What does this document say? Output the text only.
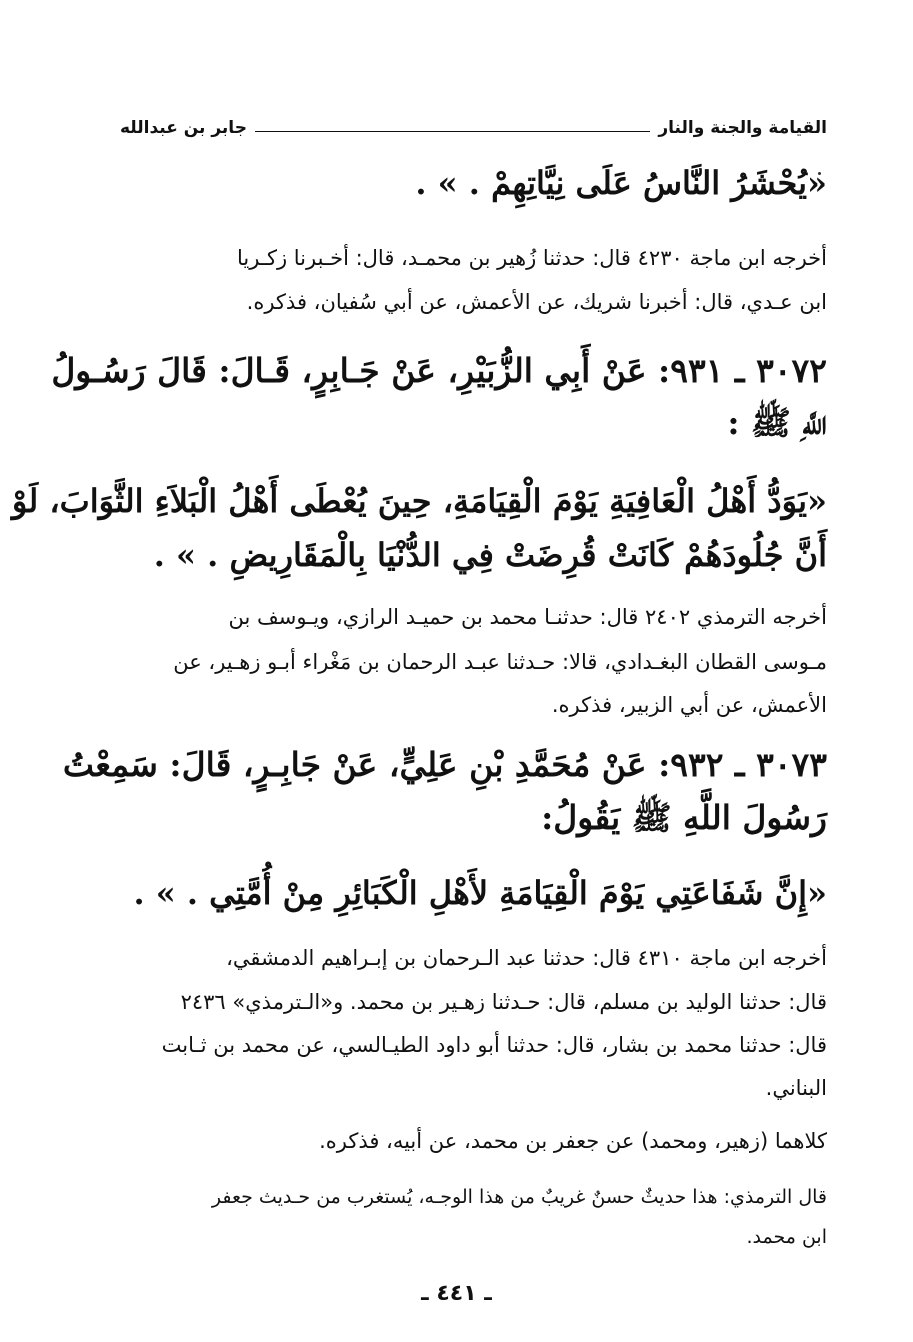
القيامة والجنة والنار
جابر بن عبدالله
«يُحْشَرُ النَّاسُ عَلَى نِيَّاتِهِمْ . » .
أخرجه ابن ماجة ٤٢٣٠ قال: حدثنا زُهير بن محمـد، قال: أخـبرنا زكـريا
ابن عـدي، قال: أخبرنا شريك، عن الأعمش، عن أبي سُفيان، فذكره.
٣٠٧٢ ـ ٩٣١: عَنْ أَبِي الزُّبَيْرِ، عَنْ جَـابِرٍ، قَـالَ: قَالَ رَسُـولُ
اللَّهِ ﷺ :
«يَوَدُّ أَهْلُ الْعَافِيَةِ يَوْمَ الْقِيَامَةِ، حِينَ يُعْطَى أَهْلُ الْبَلاَءِ الثَّوَابَ، لَوْ
أَنَّ جُلُودَهُمْ كَانَتْ قُرِضَتْ فِي الدُّنْيَا بِالْمَقَارِيضِ . » .
أخرجه الترمذي ٢٤٠٢ قال: حدثنـا محمد بن حميـد الرازي، ويـوسف بن
مـوسى القطان البغـدادي، قالا: حـدثنا عبـد الرحمان بن مَغْراء أبـو زهـير، عن
الأعمش، عن أبي الزبير، فذكره.
٣٠٧٣ ـ ٩٣٢: عَنْ مُحَمَّدِ بْنِ عَلِيٍّ، عَنْ جَابِـرٍ، قَالَ: سَمِعْتُ
رَسُولَ اللَّهِ ﷺ يَقُولُ:
«إِنَّ شَفَاعَتِي يَوْمَ الْقِيَامَةِ لأَهْلِ الْكَبَائِرِ مِنْ أُمَّتِي . » .
أخرجه ابن ماجة ٤٣١٠ قال: حدثنا عبد الـرحمان بن إبـراهيم الدمشقي،
قال: حدثنا الوليد بن مسلم، قال: حـدثنا زهـير بن محمد. و«الـترمذي» ٢٤٣٦
قال: حدثنا محمد بن بشار، قال: حدثنا أبو داود الطيـالسي، عن محمد بن ثـابت
البناني.
كلاهما (زهير، ومحمد) عن جعفر بن محمد، عن أبيه، فذكره.
قال الترمذي: هذا حديثٌ حسنٌ غريبٌ من هذا الوجـه، يُستغرب من حـديث جعفر
ابن محمد.
ـ ٤٤١ ـ
